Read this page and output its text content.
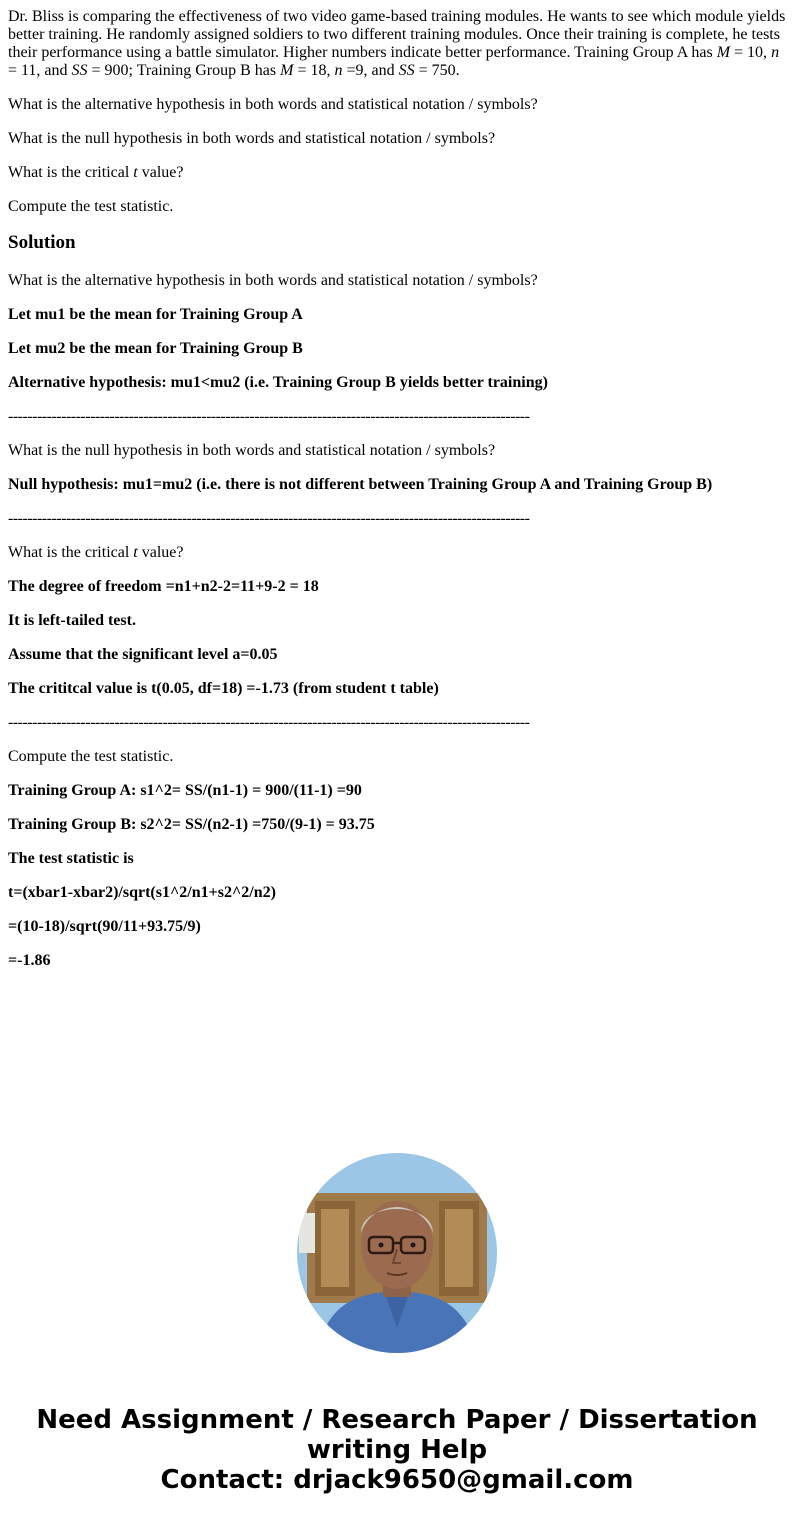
Dr. Bliss is comparing the effectiveness of two video game-based training modules. He wants to see which module yields better training. He randomly assigned soldiers to two different training modules. Once their training is complete, he tests their performance using a battle simulator. Higher numbers indicate better performance. Training Group A has M = 10, n = 11, and SS = 900; Training Group B has M = 18, n =9, and SS = 750.

What is the alternative hypothesis in both words and statistical notation / symbols?

What is the null hypothesis in both words and statistical notation / symbols?

What is the critical t value?

Compute the test statistic.

Solution

What is the alternative hypothesis in both words and statistical notation / symbols?

Let mu1 be the mean for Training Group A

Let mu2 be the mean for Training Group B

Alternative hypothesis: mu1<mu2 (i.e. Training Group B yields better training)

------------------------------------------------------------------------------------------------------------

What is the null hypothesis in both words and statistical notation / symbols?

Null hypothesis: mu1=mu2 (i.e. there is not different between Training Group A and Training Group B)

------------------------------------------------------------------------------------------------------------

What is the critical t value?

The degree of freedom =n1+n2-2=11+9-2 = 18

It is left-tailed test.

Assume that the significant level a=0.05

The crititcal value is t(0.05, df=18) =-1.73 (from student t table)

------------------------------------------------------------------------------------------------------------

Compute the test statistic.

Training Group A: s1^2= SS/(n1-1) = 900/(11-1) =90

Training Group B: s2^2= SS/(n2-1) =750/(9-1) = 93.75

The test statistic is

t=(xbar1-xbar2)/sqrt(s1^2/n1+s2^2/n2)

=(10-18)/sqrt(90/11+93.75/9)

=-1.86

Need Assignment / Research Paper / Dissertation
writing Help
Contact: drjack9650@gmail.com
